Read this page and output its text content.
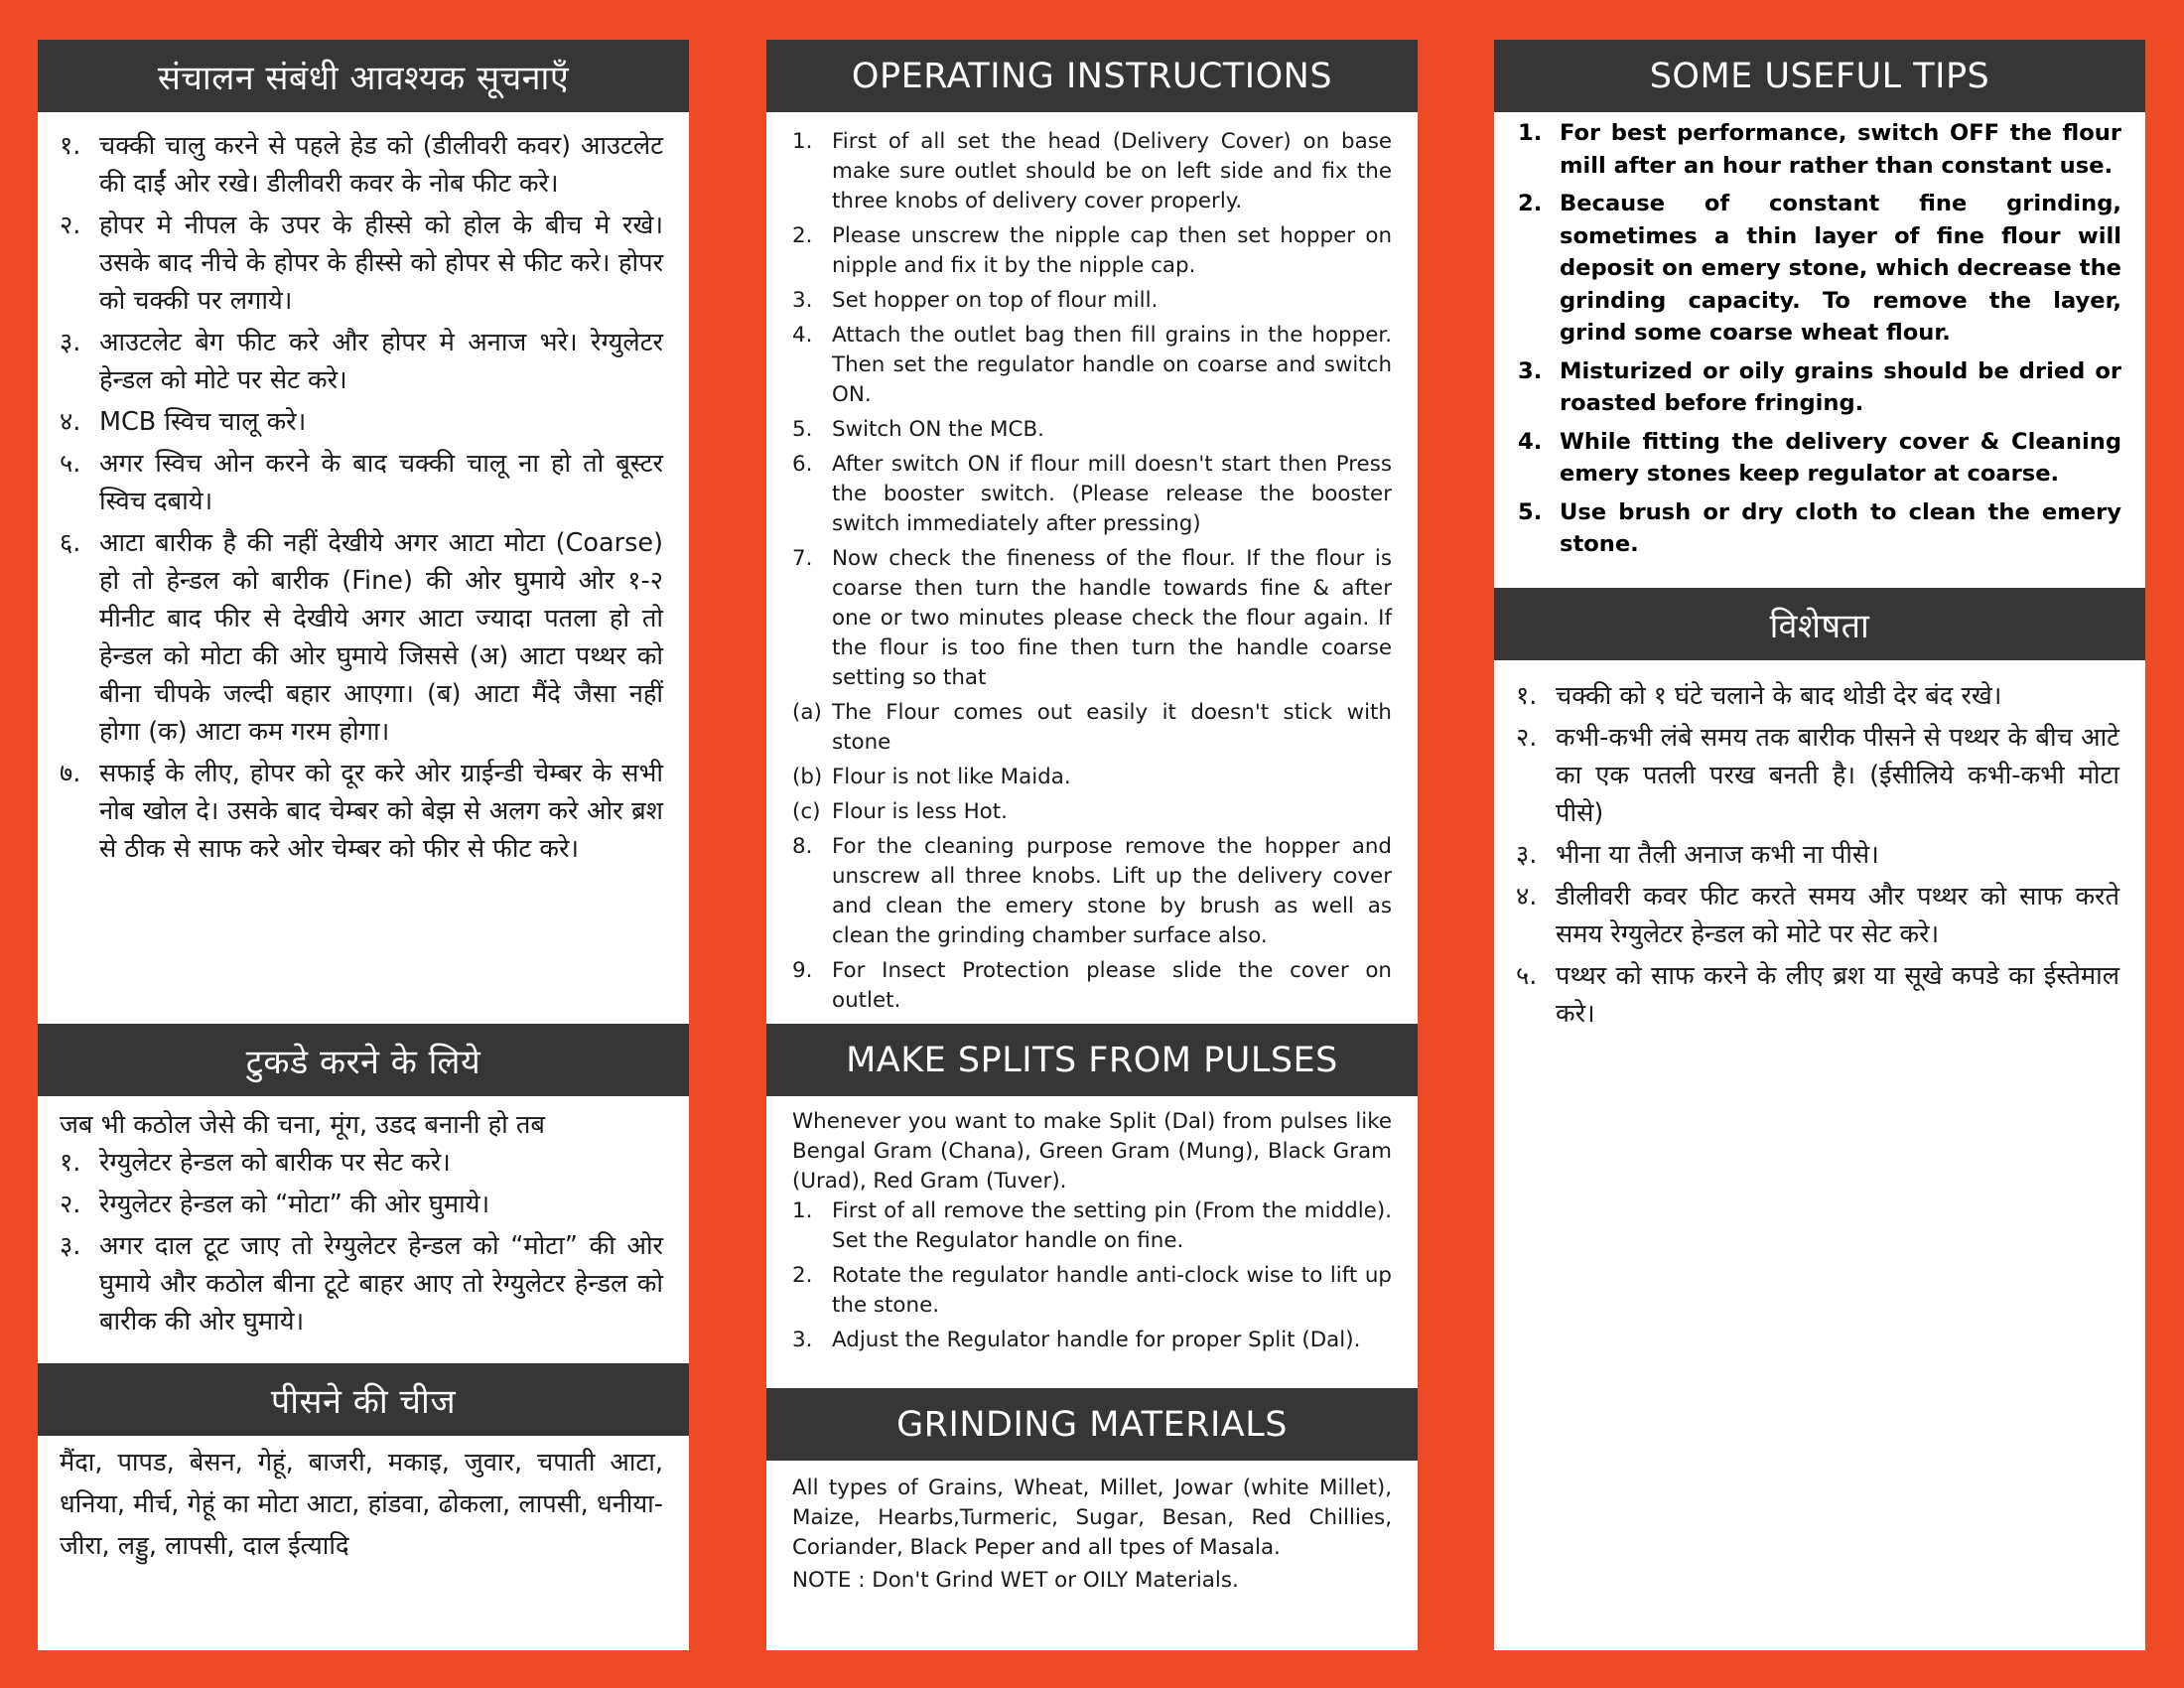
संचालन संबंधी आवश्यक सूचनाएँ
१. चक्की चालु करने से पहले हेड को (डीलीवरी कवर) आउटलेट की दाईं ओर रखे। डीलीवरी कवर के नोब फीट करे।
२. होपर मे नीपल के उपर के हीस्से को होल के बीच मे रखे। उसके बाद नीचे के होपर के हीस्से को होपर से फीट करे। होपर को चक्की पर लगाये।
३. आउटलेट बेग फीट करे और होपर मे अनाज भरे। रेग्युलेटर हेन्डल को मोटे पर सेट करे।
४. MCB स्विच चालू करे।
५. अगर स्विच ओन करने के बाद चक्की चालू ना हो तो बूस्टर स्विच दबाये।
६. आटा बारीक है की नहीं देखीये अगर आटा मोटा (Coarse) हो तो हेन्डल को बारीक (Fine) की ओर घुमाये ओर १-२ मीनीट बाद फीर से देखीये अगर आटा ज्यादा पतला हो तो हेन्डल को मोटा की ओर घुमाये जिससे (अ) आटा पथ्थर को बीना चीपके जल्दी बहार आएगा। (ब) आटा मैंदे जैसा नहीं होगा (क) आटा कम गरम होगा।
७. सफाई के लीए, होपर को दूर करे ओर ग्राईन्डी चेम्बर के सभी नोब खोल दे। उसके बाद चेम्बर को बेझ से अलग करे ओर ब्रश से ठीक से साफ करे ओर चेम्बर को फीर से फीट करे।
टुकडे करने के लिये
जब भी कठोल जेसे की चना, मूंग, उडद बनानी हो तब
१. रेग्युलेटर हेन्डल को बारीक पर सेट करे।
२. रेग्युलेटर हेन्डल को “मोटा” की ओर घुमाये।
३. अगर दाल टूट जाए तो रेग्युलेटर हेन्डल को “मोटा” की ओर घुमाये और कठोल बीना टूटे बाहर आए तो रेग्युलेटर हेन्डल को बारीक की ओर घुमाये।
पीसने की चीज
मैंदा, पापड, बेसन, गेहूं, बाजरी, मकाइ, जुवार, चपाती आटा, धनिया, मीर्च, गेहूं का मोटा आटा, हांडवा, ढोकला, लापसी, धनीया-जीरा, लड्डु, लापसी, दाल ईत्यादि
OPERATING INSTRUCTIONS
1. First of all set the head (Delivery Cover) on base make sure outlet should be on left side and fix the three knobs of delivery cover properly.
2. Please unscrew the nipple cap then set hopper on nipple and fix it by the nipple cap.
3. Set hopper on top of flour mill.
4. Attach the outlet bag then fill grains in the hopper. Then set the regulator handle on coarse and switch ON.
5. Switch ON the MCB.
6. After switch ON if flour mill doesn't start then Press the booster switch. (Please release the booster switch immediately after pressing)
7. Now check the fineness of the flour. If the flour is coarse then turn the handle towards fine & after one or two minutes please check the flour again. If the flour is too fine then turn the handle coarse setting so that
(a) The Flour comes out easily it doesn't stick with stone
(b) Flour is not like Maida.
(c) Flour is less Hot.
8. For the cleaning purpose remove the hopper and unscrew all three knobs. Lift up the delivery cover and clean the emery stone by brush as well as clean the grinding chamber surface also.
9. For Insect Protection please slide the cover on outlet.
MAKE SPLITS FROM PULSES
Whenever you want to make Split (Dal) from pulses like Bengal Gram (Chana), Green Gram (Mung), Black Gram (Urad), Red Gram (Tuver).
1. First of all remove the setting pin (From the middle). Set the Regulator handle on fine.
2. Rotate the regulator handle anti-clock wise to lift up the stone.
3. Adjust the Regulator handle for proper Split (Dal).
GRINDING MATERIALS
All types of Grains, Wheat, Millet, Jowar (white Millet), Maize, Hearbs,Turmeric, Sugar, Besan, Red Chillies, Coriander, Black Peper and all tpes of Masala.
NOTE : Don't Grind WET or OILY Materials.
SOME USEFUL TIPS
1. For best performance, switch OFF the flour mill after an hour rather than constant use.
2. Because of constant fine grinding, sometimes a thin layer of fine flour will deposit on emery stone, which decrease the grinding capacity. To remove the layer, grind some coarse wheat flour.
3. Misturized or oily grains should be dried or roasted before fringing.
4. While fitting the delivery cover & Cleaning emery stones keep regulator at coarse.
5. Use brush or dry cloth to clean the emery stone.
विशेषता
१. चक्की को १ घंटे चलाने के बाद थोडी देर बंद रखे।
२. कभी-कभी लंबे समय तक बारीक पीसने से पथ्थर के बीच आटे का एक पतली परख बनती है। (ईसीलिये कभी-कभी मोटा पीसे)
३. भीना या तैली अनाज कभी ना पीसे।
४. डीलीवरी कवर फीट करते समय और पथ्थर को साफ करते समय रेग्युलेटर हेन्डल को मोटे पर सेट करे।
५. पथ्थर को साफ करने के लीए ब्रश या सूखे कपडे का ईस्तेमाल करे।
